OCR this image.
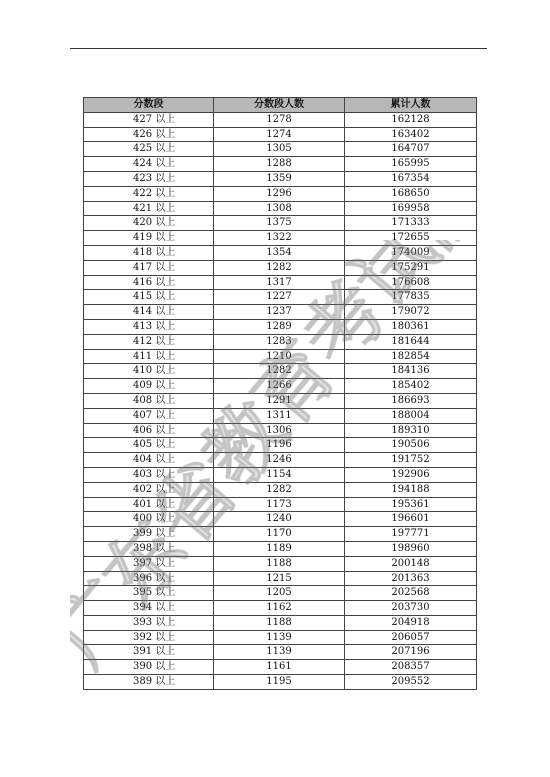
分数段	分数段人数	累计人数
427 以上	1278	162128
426 以上	1274	163402
425 以上	1305	164707
424 以上	1288	165995
423 以上	1359	167354
422 以上	1296	168650
421 以上	1308	169958
420 以上	1375	171333
419 以上	1322	172655
418 以上	1354	174009
417 以上	1282	175291
416 以上	1317	176608
415 以上	1227	177835
414 以上	1237	179072
413 以上	1289	180361
412 以上	1283	181644
411 以上	1210	182854
410 以上	1282	184136
409 以上	1266	185402
408 以上	1291	186693
407 以上	1311	188004
406 以上	1306	189310
405 以上	1196	190506
404 以上	1246	191752
403 以上	1154	192906
402 以上	1282	194188
401 以上	1173	195361
400 以上	1240	196601
399 以上	1170	197771
398 以上	1189	198960
397 以上	1188	200148
396 以上	1215	201363
395 以上	1205	202568
394 以上	1162	203730
393 以上	1188	204918
392 以上	1139	206057
391 以上	1139	207196
390 以上	1161	208357
389 以上	1195	209552
广东省教育考试院
